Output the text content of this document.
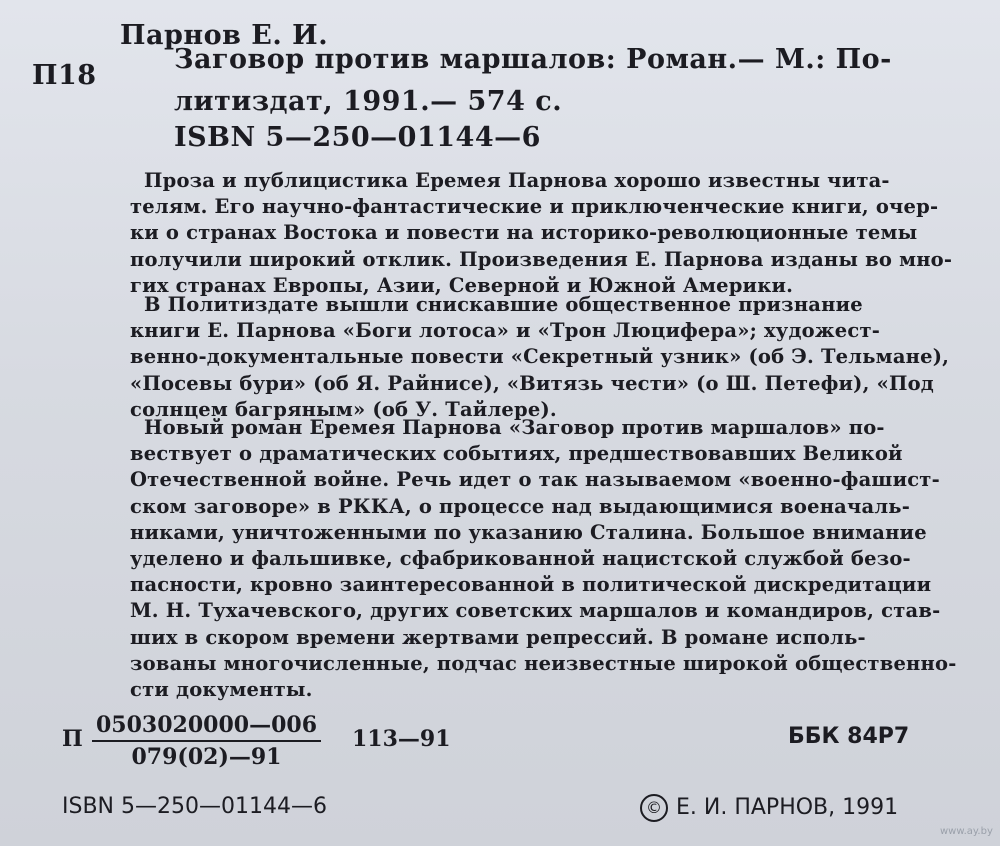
Парнов Е. И.
П18
Заговор против маршалов: Роман.— М.: По-
литиздат, 1991.— 574 с.
ISBN 5—250—01144—6
Проза и публицистика Еремея Парнова хорошо известны чита-
телям. Его научно-фантастические и приключенческие книги, очер-
ки о странах Востока и повести на историко-революционные темы
получили широкий отклик. Произведения Е. Парнова изданы во мно-
гих странах Европы, Азии, Северной и Южной Америки.
В Политиздате вышли снискавшие общественное признание
книги Е. Парнова «Боги лотоса» и «Трон Люцифера»; художест-
венно-документальные повести «Секретный узник» (об Э. Тельмане),
«Посевы бури» (об Я. Райнисе), «Витязь чести» (о Ш. Петефи), «Под
солнцем багряным» (об У. Тайлере).
Новый роман Еремея Парнова «Заговор против маршалов» по-
вествует о драматических событиях, предшествовавших Великой
Отечественной войне. Речь идет о так называемом «военно-фашист-
ском заговоре» в РККА, о процессе над выдающимися военачаль-
никами, уничтоженными по указанию Сталина. Большое внимание
уделено и фальшивке, сфабрикованной нацистской службой безо-
пасности, кровно заинтересованной в политической дискредитации
М. Н. Тухачевского, других советских маршалов и командиров, став-
ших в скором времени жертвами репрессий. В романе исполь-
зованы многочисленные, подчас неизвестные широкой общественно-
сти документы.
П $\frac{0503020000—006}{079(02)—91}$ 113—91	ББК 84Р7
ISBN 5—250—01144—6	© Е. И. ПАРНОВ, 1991
www.ay.by
